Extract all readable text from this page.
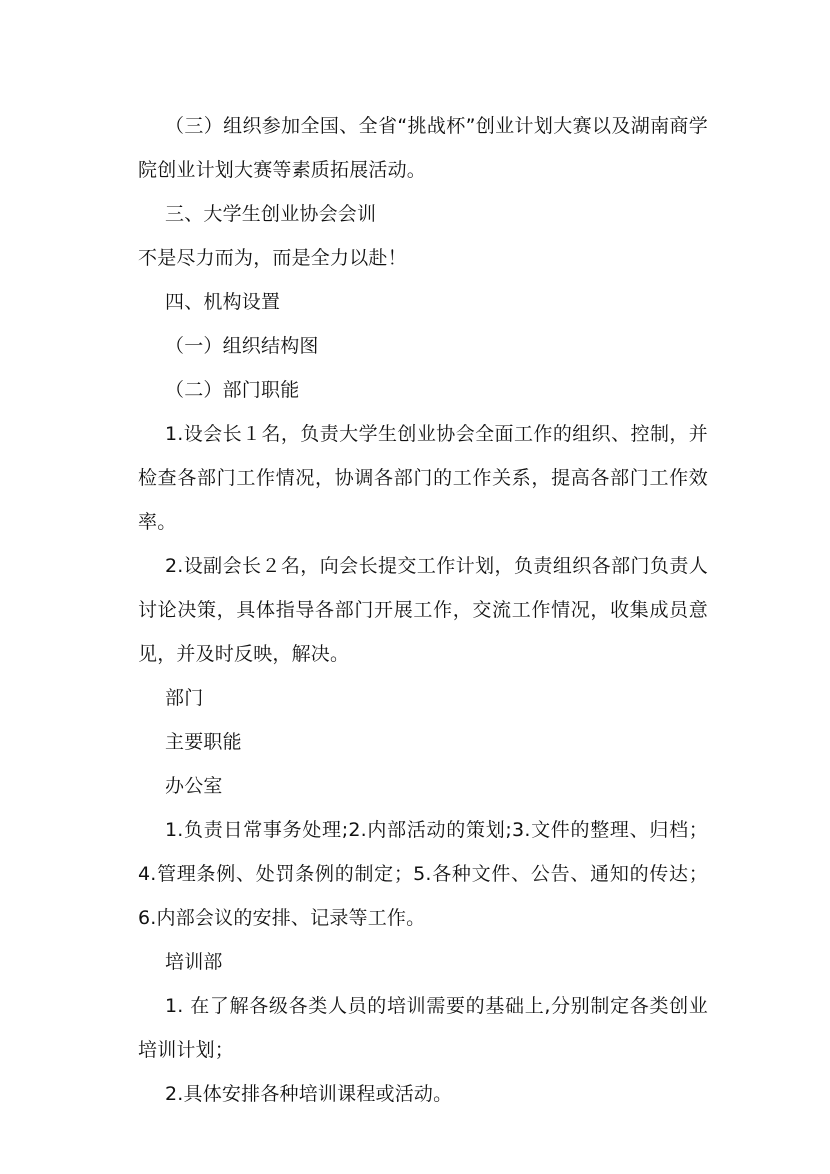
（三）组织参加全国、全省“挑战杯”创业计划大赛以及湖南商学院创业计划大赛等素质拓展活动。

三、大学生创业协会会训

不是尽力而为，而是全力以赴！

四、机构设置

（一）组织结构图

（二）部门职能

1.设会长１名，负责大学生创业协会全面工作的组织、控制，并检查各部门工作情况，协调各部门的工作关系，提高各部门工作效率。

2.设副会长２名，向会长提交工作计划，负责组织各部门负责人讨论决策，具体指导各部门开展工作，交流工作情况，收集成员意见，并及时反映，解决。

部门

主要职能

办公室

1.负责日常事务处理;2.内部活动的策划;3.文件的整理、归档；4.管理条例、处罚条例的制定；5.各种文件、公告、通知的传达；6.内部会议的安排、记录等工作。

培训部

1. 在了解各级各类人员的培训需要的基础上,分别制定各类创业培训计划；

2.具体安排各种培训课程或活动。
